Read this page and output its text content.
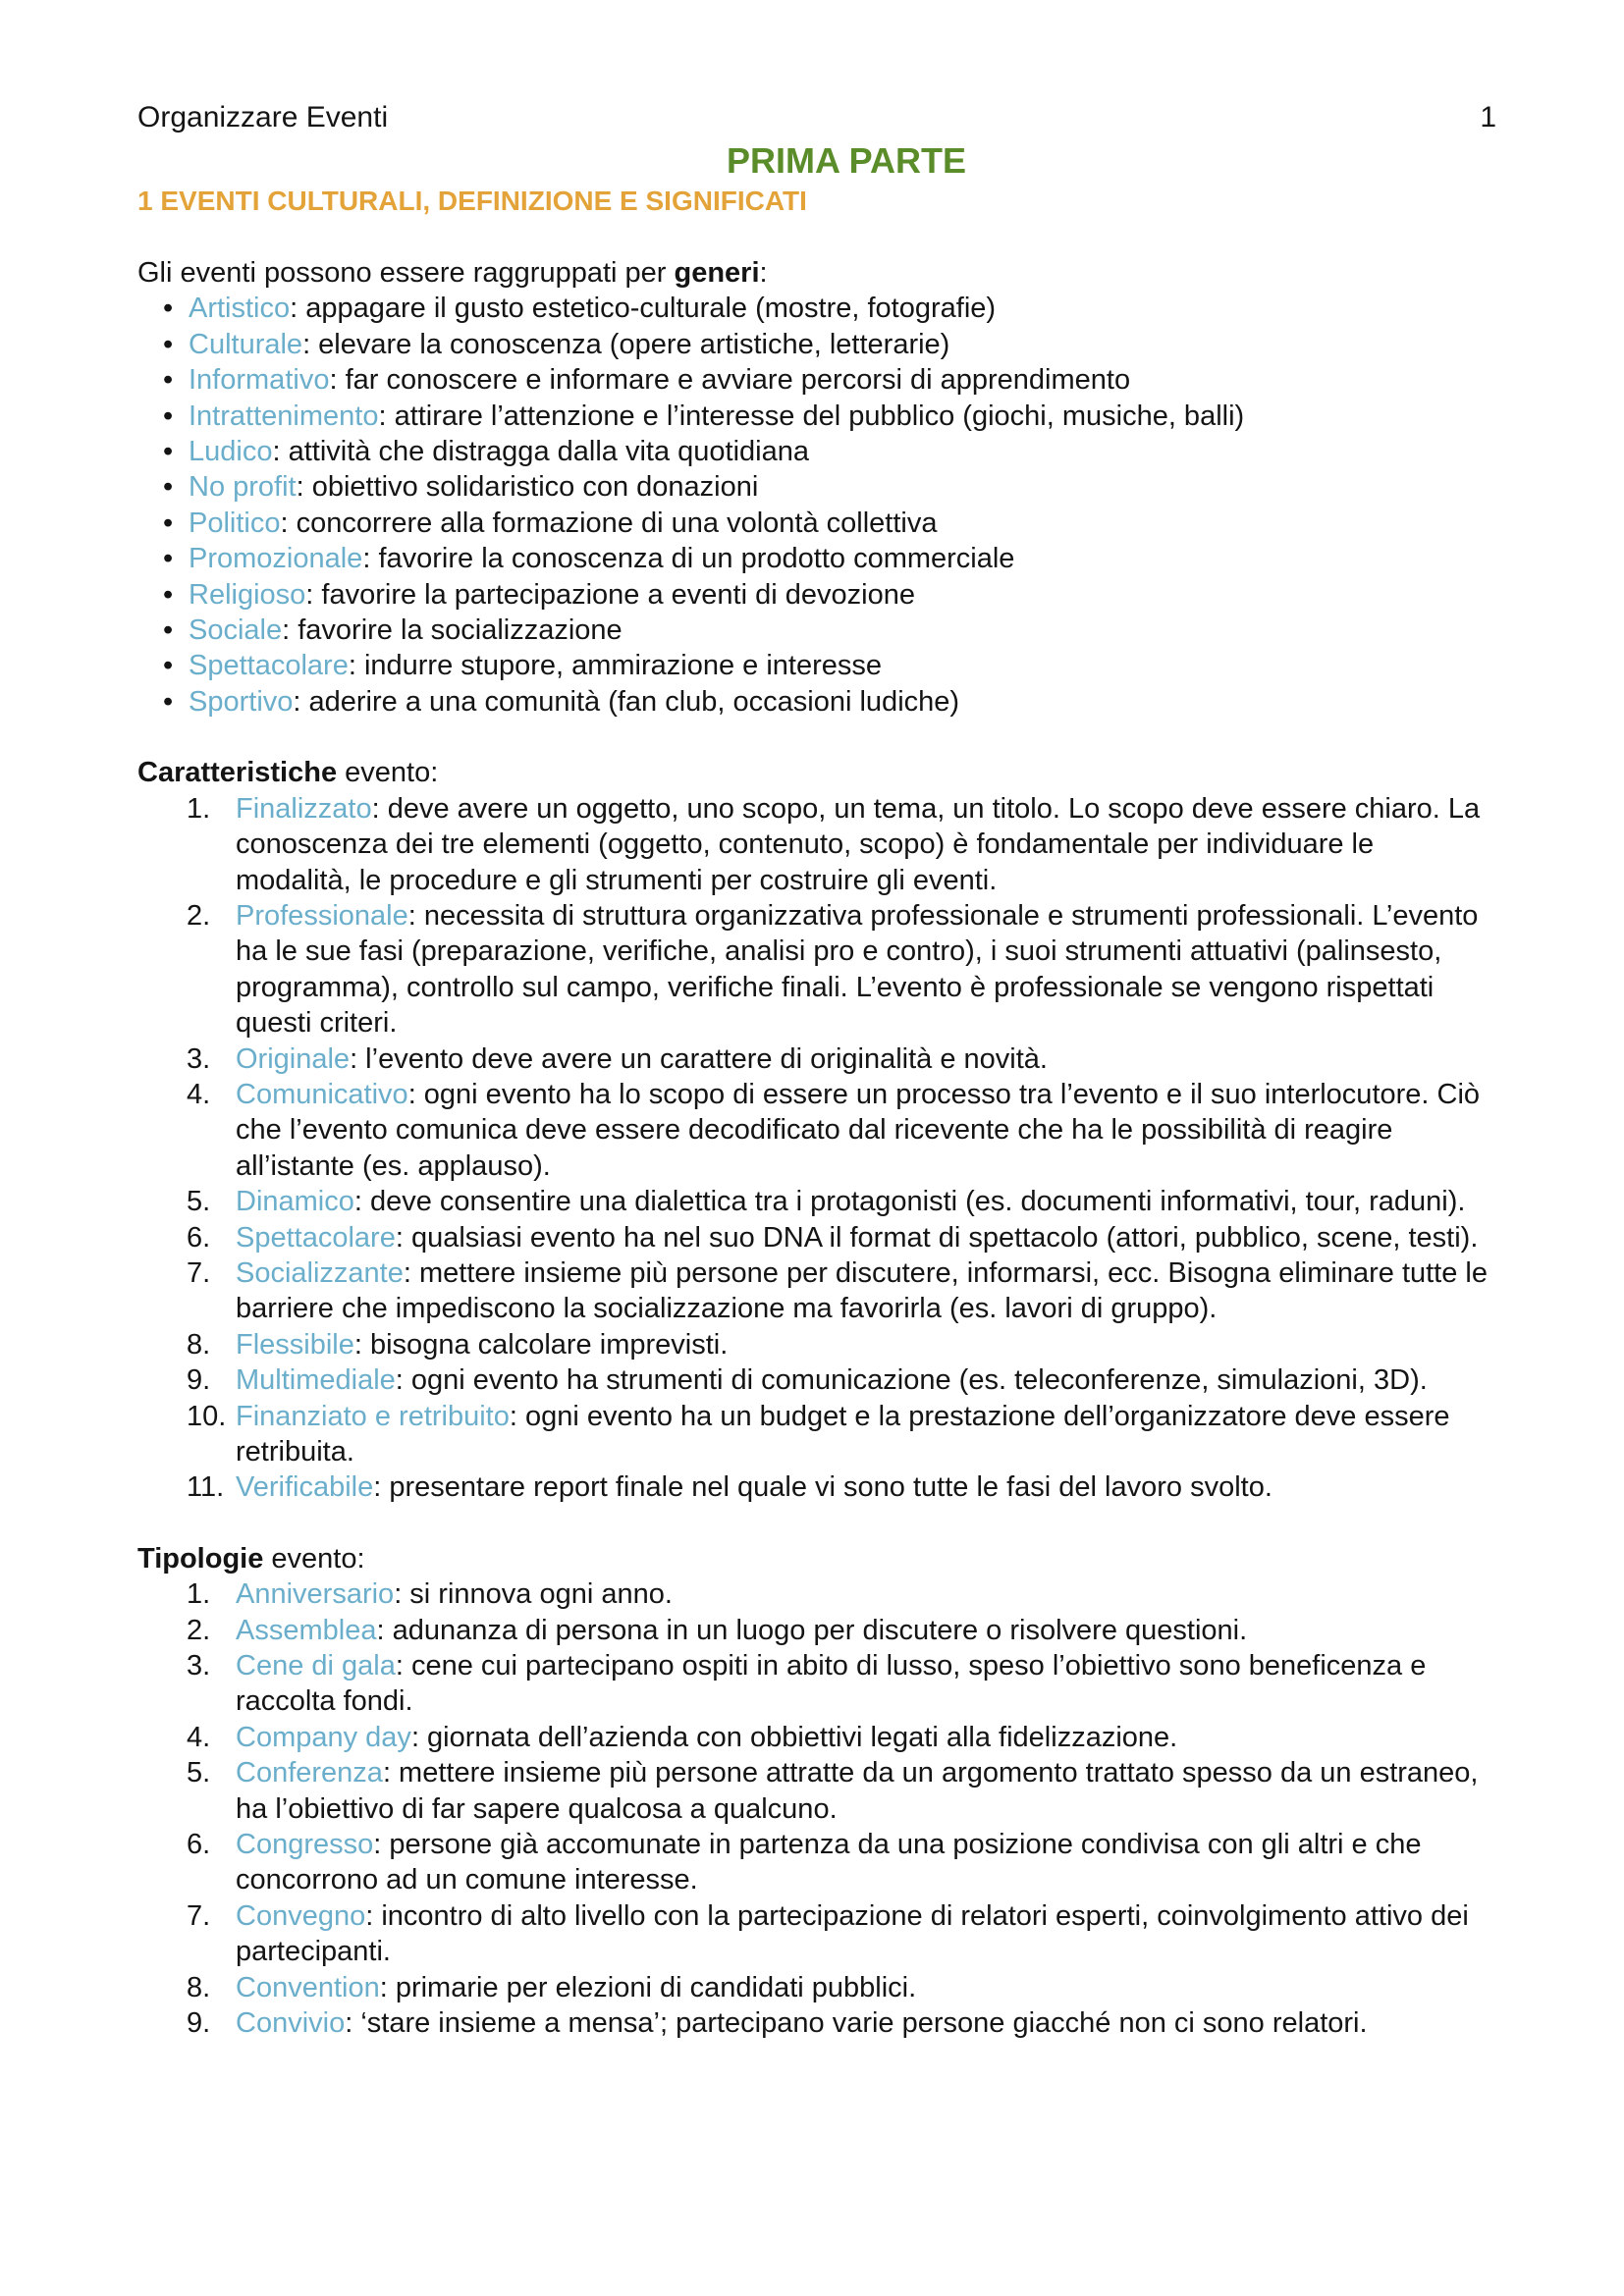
Organizzare Eventi	1
PRIMA PARTE
1 EVENTI CULTURALI, DEFINIZIONE E SIGNIFICATI
Gli eventi possono essere raggruppati per generi:
• Artistico: appagare il gusto estetico-culturale (mostre, fotografie)
• Culturale: elevare la conoscenza (opere artistiche, letterarie)
• Informativo: far conoscere e informare e avviare percorsi di apprendimento
• Intrattenimento: attirare l’attenzione e l’interesse del pubblico (giochi, musiche, balli)
• Ludico: attività che distragga dalla vita quotidiana
• No profit: obiettivo solidaristico con donazioni
• Politico: concorrere alla formazione di una volontà collettiva
• Promozionale: favorire la conoscenza di un prodotto commerciale
• Religioso: favorire la partecipazione a eventi di devozione
• Sociale: favorire la socializzazione
• Spettacolare: indurre stupore, ammirazione e interesse
• Sportivo: aderire a una comunità (fan club, occasioni ludiche)
Caratteristiche evento:
1. Finalizzato: deve avere un oggetto, uno scopo, un tema, un titolo. Lo scopo deve essere chiaro. La conoscenza dei tre elementi (oggetto, contenuto, scopo) è fondamentale per individuare le modalità, le procedure e gli strumenti per costruire gli eventi.
2. Professionale: necessita di struttura organizzativa professionale e strumenti professionali. L’evento ha le sue fasi (preparazione, verifiche, analisi pro e contro), i suoi strumenti attuativi (palinsesto, programma), controllo sul campo, verifiche finali. L’evento è professionale se vengono rispettati questi criteri.
3. Originale: l’evento deve avere un carattere di originalità e novità.
4. Comunicativo: ogni evento ha lo scopo di essere un processo tra l’evento e il suo interlocutore. Ciò che l’evento comunica deve essere decodificato dal ricevente che ha le possibilità di reagire all’istante (es. applauso).
5. Dinamico: deve consentire una dialettica tra i protagonisti (es. documenti informativi, tour, raduni).
6. Spettacolare: qualsiasi evento ha nel suo DNA il format di spettacolo (attori, pubblico, scene, testi).
7. Socializzante: mettere insieme più persone per discutere, informarsi, ecc. Bisogna eliminare tutte le barriere che impediscono la socializzazione ma favorirla (es. lavori di gruppo).
8. Flessibile: bisogna calcolare imprevisti.
9. Multimediale: ogni evento ha strumenti di comunicazione (es. teleconferenze, simulazioni, 3D).
10. Finanziato e retribuito: ogni evento ha un budget e la prestazione dell’organizzatore deve essere retribuita.
11. Verificabile: presentare report finale nel quale vi sono tutte le fasi del lavoro svolto.
Tipologie evento:
1. Anniversario: si rinnova ogni anno.
2. Assemblea: adunanza di persona in un luogo per discutere o risolvere questioni.
3. Cene di gala: cene cui partecipano ospiti in abito di lusso, speso l’obiettivo sono beneficenza e raccolta fondi.
4. Company day: giornata dell’azienda con obbiettivi legati alla fidelizzazione.
5. Conferenza: mettere insieme più persone attratte da un argomento trattato spesso da un estraneo, ha l’obiettivo di far sapere qualcosa a qualcuno.
6. Congresso: persone già accomunate in partenza da una posizione condivisa con gli altri e che concorrono ad un comune interesse.
7. Convegno: incontro di alto livello con la partecipazione di relatori esperti, coinvolgimento attivo dei partecipanti.
8. Convention: primarie per elezioni di candidati pubblici.
9. Convivio: ‘stare insieme a mensa’; partecipano varie persone giacché non ci sono relatori.
